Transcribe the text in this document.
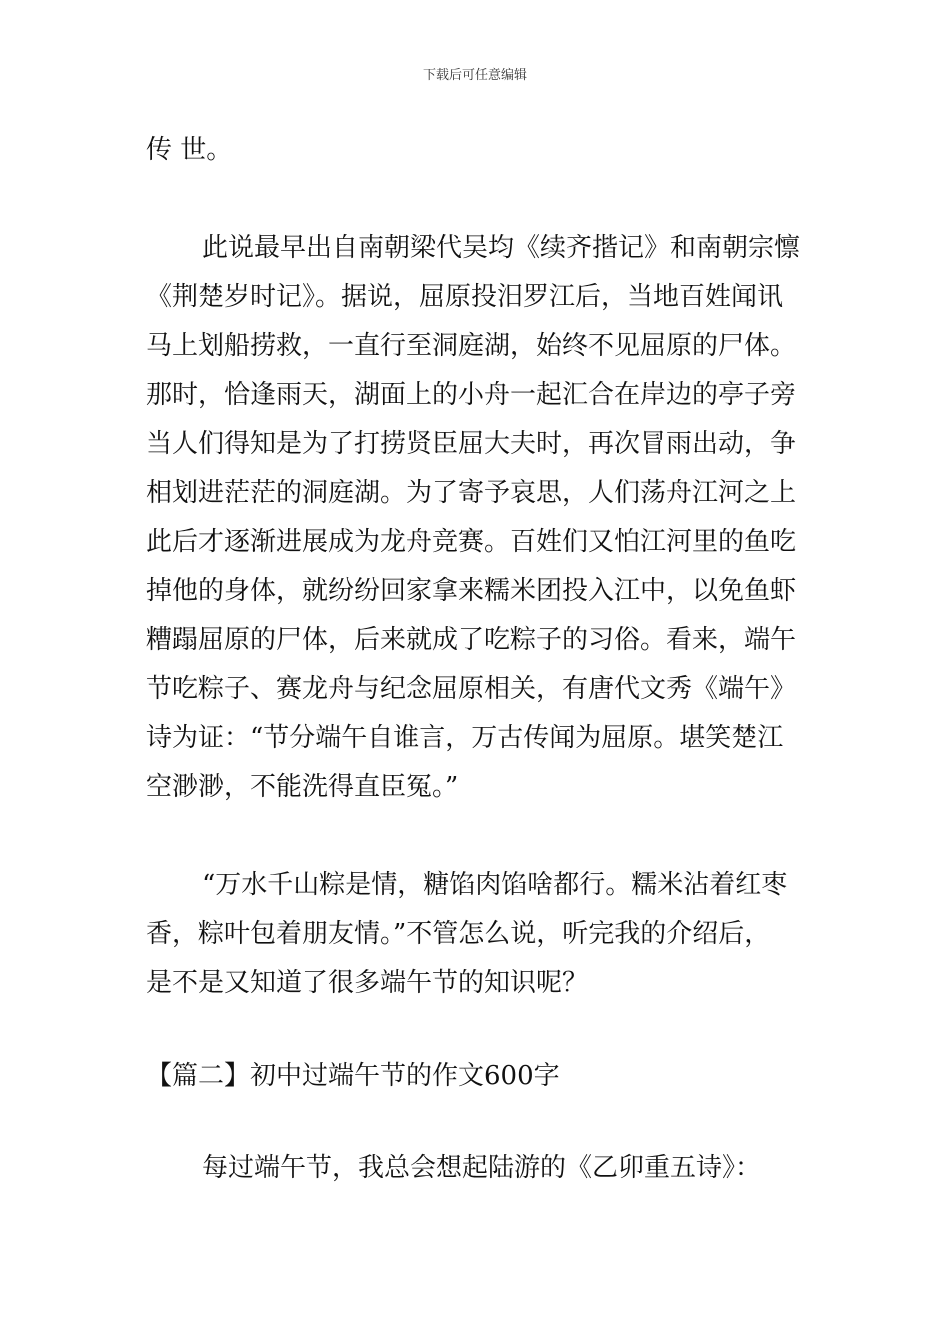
下载后可任意编辑
传 世。
此说最早出自南朝梁代吴均《续齐揩记》和南朝宗懔
《荆楚岁时记》。据说，屈原投汨罗江后，当地百姓闻讯
马上划船捞救，一直行至洞庭湖，始终不见屈原的尸体。
那时，恰逢雨天，湖面上的小舟一起汇合在岸边的亭子旁
当人们得知是为了打捞贤臣屈大夫时，再次冒雨出动，争
相划进茫茫的洞庭湖。为了寄予哀思，人们荡舟江河之上
此后才逐渐进展成为龙舟竞赛。百姓们又怕江河里的鱼吃
掉他的身体，就纷纷回家拿来糯米团投入江中，以免鱼虾
糟蹋屈原的尸体，后来就成了吃粽子的习俗。看来，端午
节吃粽子、赛龙舟与纪念屈原相关，有唐代文秀《端午》
诗为证：“节分端午自谁言，万古传闻为屈原。堪笑楚江
空渺渺，不能洗得直臣冤。”
“万水千山粽是情，糖馅肉馅啥都行。糯米沾着红枣
香，粽叶包着朋友情。”不管怎么说，听完我的介绍后，
是不是又知道了很多端午节的知识呢？
【篇二】初中过端午节的作文600字
每过端午节，我总会想起陆游的《乙卯重五诗》：
